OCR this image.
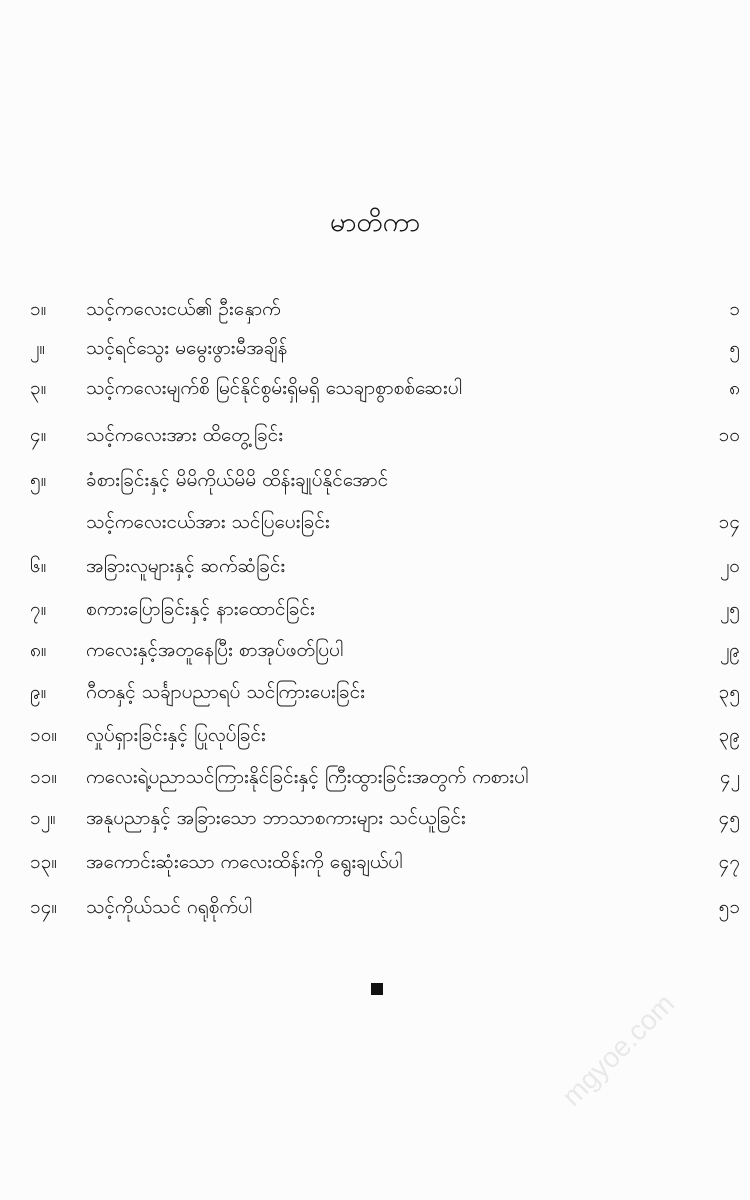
မာတိကာ
၁။	သင့်ကလေးငယ်၏ ဦးနှောက်	၁
၂။	သင့်ရင်သွေး မမွေးဖွားမီအချိန်	၅
၃။	သင့်ကလေးမျက်စိ မြင်နိုင်စွမ်းရှိမရှိ သေချာစွာစစ်ဆေးပါ	၈
၄။	သင့်ကလေးအား ထိတွေ့ခြင်း	၁၀
၅။	ခံစားခြင်းနှင့် မိမိကိုယ်မိမိ ထိန်းချုပ်နိုင်အောင်
သင့်ကလေးငယ်အား သင်ပြပေးခြင်း	၁၄
၆။	အခြားလူများနှင့် ဆက်ဆံခြင်း	၂၀
၇။	စကားပြောခြင်းနှင့် နားထောင်ခြင်း	၂၅
၈။	ကလေးနှင့်အတူနေပြီး စာအုပ်ဖတ်ပြပါ	၂၉
၉။	ဂီတနှင့် သင်္ချာပညာရပ် သင်ကြားပေးခြင်း	၃၅
၁၀။	လှုပ်ရှားခြင်းနှင့် ပြုလုပ်ခြင်း	၃၉
၁၁။	ကလေးရဲ့ပညာသင်ကြားနိုင်ခြင်းနှင့် ကြီးထွားခြင်းအတွက် ကစားပါ	၄၂
၁၂။	အနုပညာနှင့် အခြားသော ဘာသာစကားများ သင်ယူခြင်း	၄၅
၁၃။	အကောင်းဆုံးသော ကလေးထိန်းကို ရွေးချယ်ပါ	၄၇
၁၄။	သင့်ကိုယ်သင် ဂရုစိုက်ပါ	၅၁
mgyoe.com
